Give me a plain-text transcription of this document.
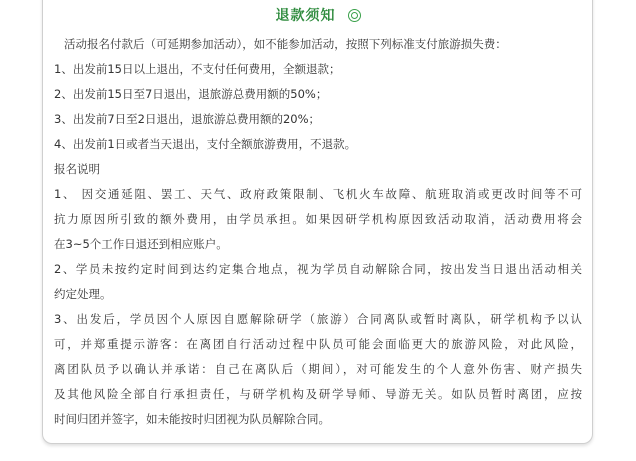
退款须知
活动报名付款后（可延期参加活动），如不能参加活动，按照下列标准支付旅游损失费：
1、出发前15日以上退出，不支付任何费用，全额退款；
2、出发前15日至7日退出，退旅游总费用额的50%；
3、出发前7日至2日退出，退旅游总费用额的20%；
4、出发前1日或者当天退出，支付全额旅游费用，不退款。
报名说明
1、 因交通延阻、罢工、天气、政府政策限制、飞机火车故障、航班取消或更改时间等不可
抗力原因所引致的额外费用，由学员承担。如果因研学机构原因致活动取消，活动费用将会
在3~5个工作日退还到相应账户。
2、学员未按约定时间到达约定集合地点，视为学员自动解除合同，按出发当日退出活动相关
约定处理。
3、出发后，学员因个人原因自愿解除研学（旅游）合同离队或暂时离队，研学机构予以认
可，并郑重提示游客：在离团自行活动过程中队员可能会面临更大的旅游风险，对此风险，
离团队员予以确认并承诺：自己在离队后（期间），对可能发生的个人意外伤害、财产损失
及其他风险全部自行承担责任，与研学机构及研学导师、导游无关。如队员暂时离团，应按
时间归团并签字，如未能按时归团视为队员解除合同。
